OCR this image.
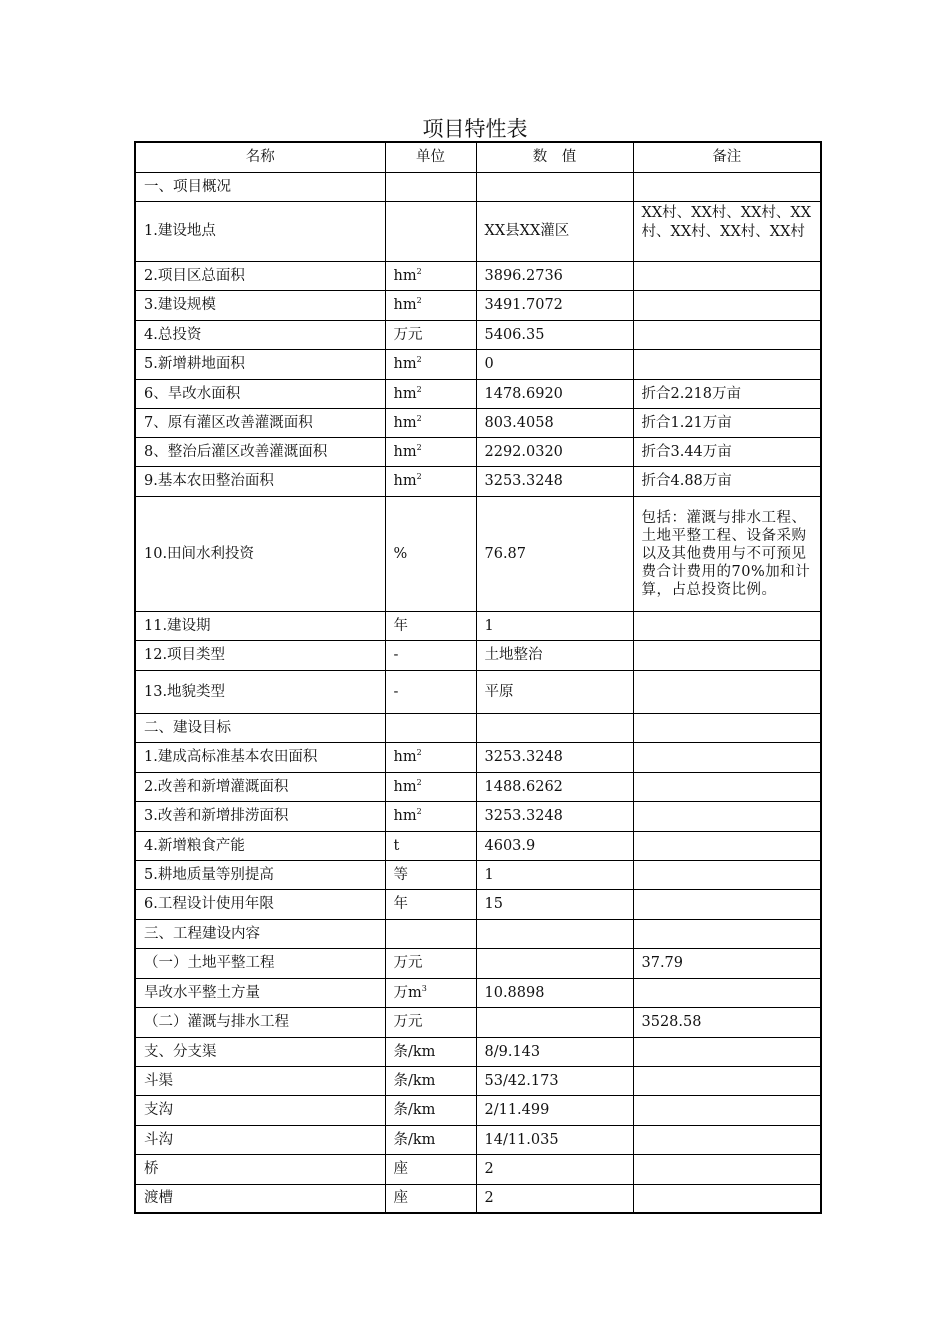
项目特性表
名称	单位	数　值	备注
一、项目概况			
1.建设地点		XX县XX灌区	XX村、XX村、XX村、XX村、XX村、XX村、XX村
2.项目区总面积	$hm^2$	3896.2736	
3.建设规模	$hm^2$	3491.7072	
4.总投资	万元	5406.35	
5.新增耕地面积	$hm^2$	0	
6、旱改水面积	$hm^2$	1478.6920	折合2.218万亩
7、原有灌区改善灌溉面积	$hm^2$	803.4058	折合1.21万亩
8、整治后灌区改善灌溉面积	$hm^2$	2292.0320	折合3.44万亩
9.基本农田整治面积	$hm^2$	3253.3248	折合4.88万亩
10.田间水利投资	%	76.87	包括：灌溉与排水工程、土地平整工程、设备采购以及其他费用与不可预见费合计费用的70%加和计算，占总投资比例。
11.建设期	年	1	
12.项目类型	-	土地整治	
13.地貌类型	-	平原	
二、建设目标			
1.建成高标准基本农田面积	$hm^2$	3253.3248	
2.改善和新增灌溉面积	$hm^2$	1488.6262	
3.改善和新增排涝面积	$hm^2$	3253.3248	
4.新增粮食产能	t	4603.9	
5.耕地质量等别提高	等	1	
6.工程设计使用年限	年	15	
三、工程建设内容			
（一）土地平整工程	万元		37.79
旱改水平整土方量	万$m^3$	10.8898	
（二）灌溉与排水工程	万元		3528.58
支、分支渠	条/km	8/9.143	
斗渠	条/km	53/42.173	
支沟	条/km	2/11.499	
斗沟	条/km	14/11.035	
桥	座	2	
渡槽	座	2	
